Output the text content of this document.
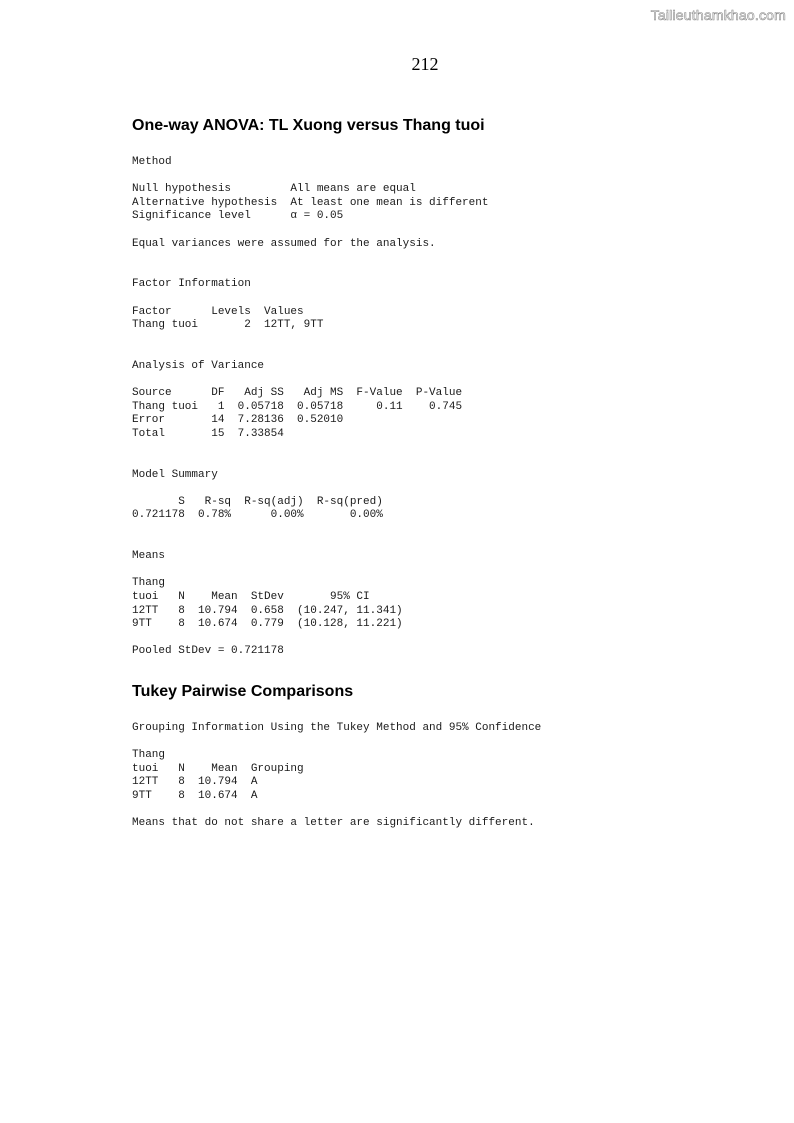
Tailieuthamkhao.com
212
One-way ANOVA: TL Xuong versus Thang tuoi
Method
Null hypothesis         All means are equal
Alternative hypothesis  At least one mean is different
Significance level      α = 0.05
Equal variances were assumed for the analysis.
Factor Information
Factor      Levels  Values
Thang tuoi       2  12TT, 9TT
Analysis of Variance
Source      DF   Adj SS   Adj MS  F-Value  P-Value
Thang tuoi   1  0.05718  0.05718     0.11    0.745
Error       14  7.28136  0.52010
Total       15  7.33854
Model Summary
S   R-sq  R-sq(adj)  R-sq(pred)
0.721178  0.78%      0.00%       0.00%
Means
Thang
tuoi   N    Mean  StDev       95% CI
12TT   8  10.794  0.658  (10.247, 11.341)
9TT    8  10.674  0.779  (10.128, 11.221)
Pooled StDev = 0.721178
Tukey Pairwise Comparisons
Grouping Information Using the Tukey Method and 95% Confidence
Thang
tuoi   N    Mean  Grouping
12TT   8  10.794  A
9TT    8  10.674  A
Means that do not share a letter are significantly different.
